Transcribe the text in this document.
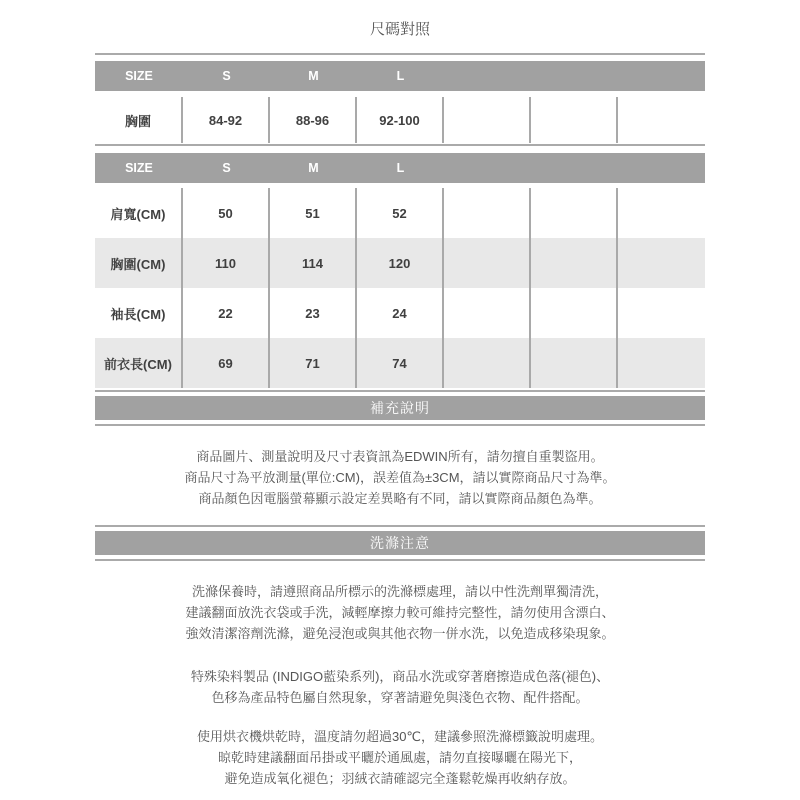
尺碼對照
SIZE	S	M	L
胸圍	84-92	88-96	92-100
SIZE	S	M	L
肩寬(CM)	50	51	52
胸圍(CM)	110	114	120
袖長(CM)	22	23	24
前衣長(CM)	69	71	74
補充說明
商品圖片、測量說明及尺寸表資訊為EDWIN所有，請勿擅自重製盜用。
商品尺寸為平放測量(單位:CM)，誤差值為±3CM，請以實際商品尺寸為準。
商品顏色因電腦螢幕顯示設定差異略有不同，請以實際商品顏色為準。
洗滌注意
洗滌保養時，請遵照商品所標示的洗滌標處理，請以中性洗劑單獨清洗，
建議翻面放洗衣袋或手洗，減輕摩擦力較可維持完整性，請勿使用含漂白、
強效清潔溶劑洗滌，避免浸泡或與其他衣物一併水洗，以免造成移染現象。
特殊染料製品 (INDIGO藍染系列)，商品水洗或穿著磨擦造成色落(褪色)、
色移為產品特色屬自然現象，穿著請避免與淺色衣物、配件搭配。
使用烘衣機烘乾時，溫度請勿超過30℃，建議參照洗滌標籤說明處理。
晾乾時建議翻面吊掛或平曬於通風處，請勿直接曝曬在陽光下，
避免造成氧化褪色；羽絨衣請確認完全蓬鬆乾燥再收納存放。
